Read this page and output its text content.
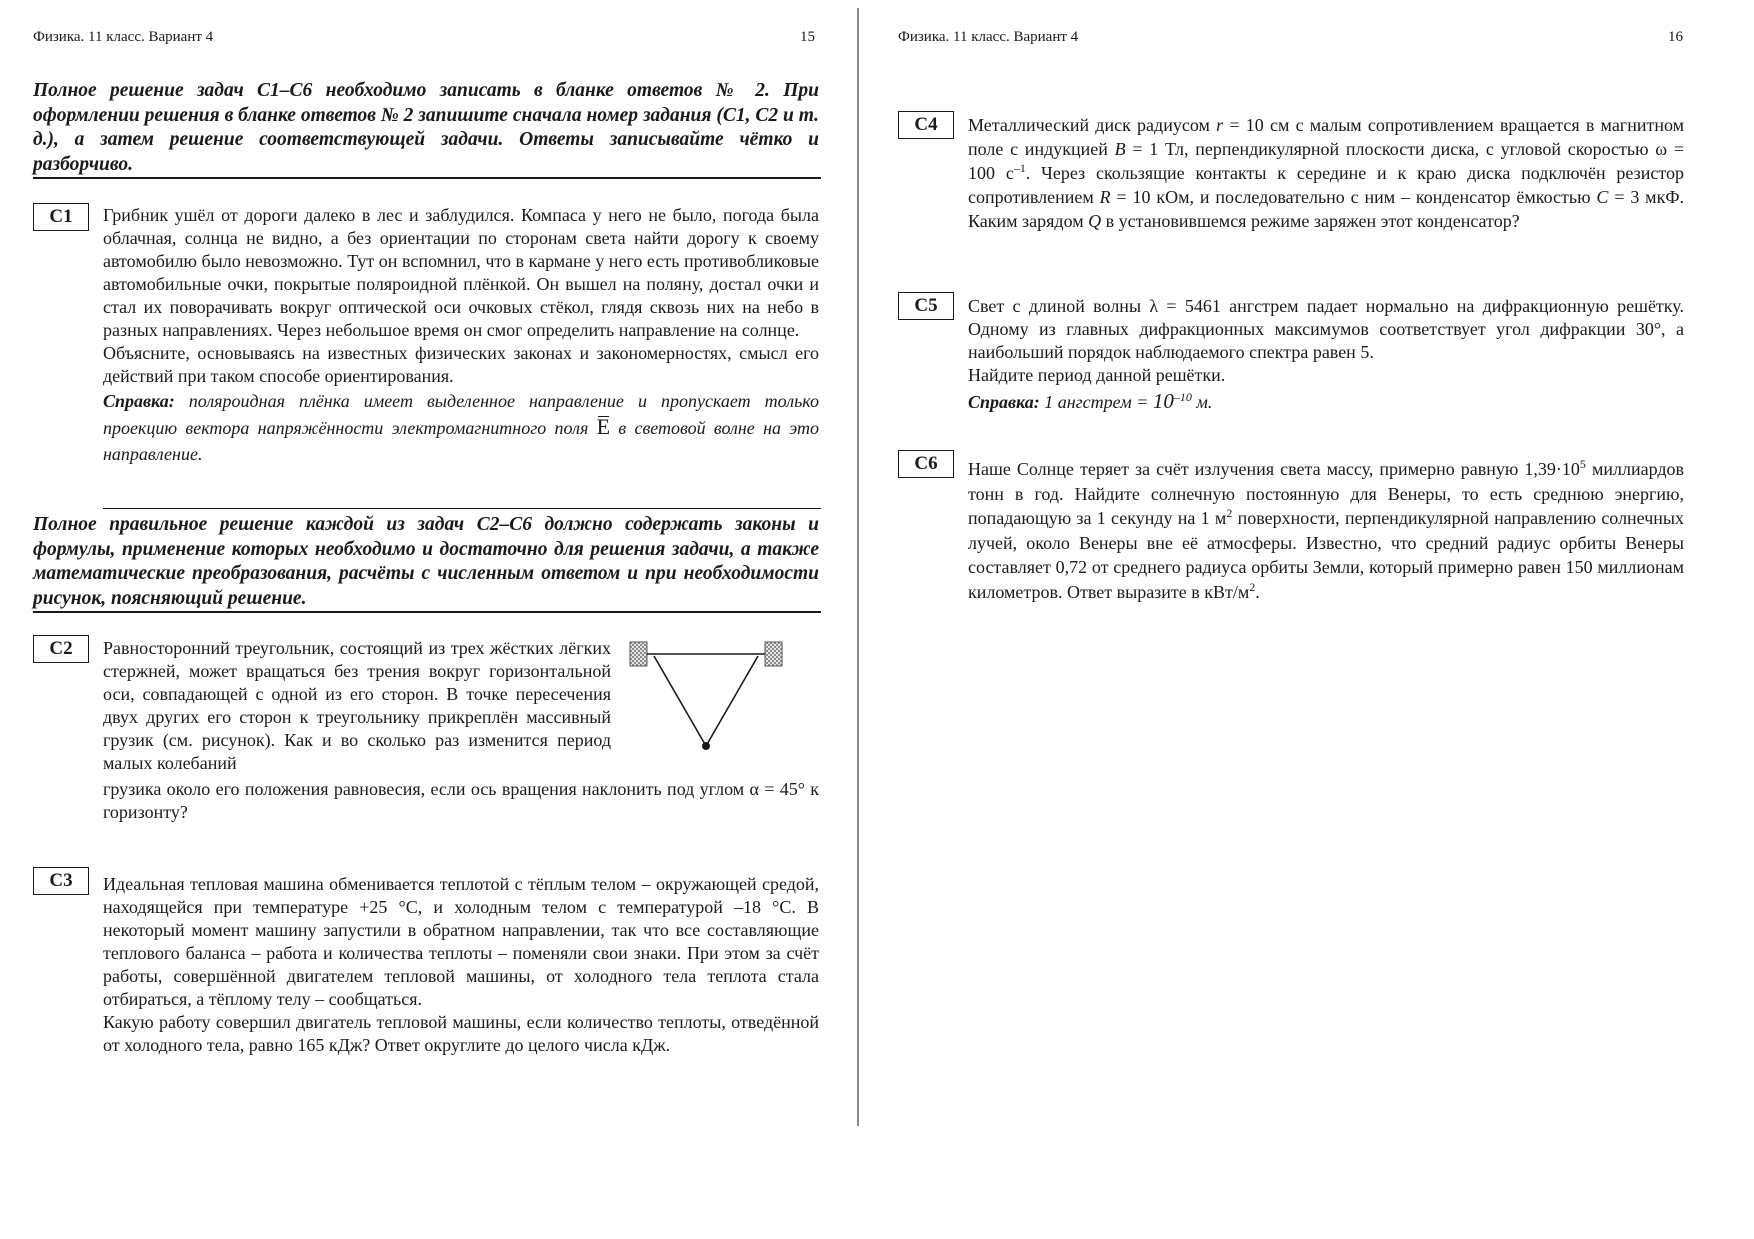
Физика. 11 класс. Вариант 4	15
Полное решение задач С1–С6 необходимо записать в бланке ответов № 2. При оформлении решения в бланке ответов № 2 запишите сначала номер задания (С1, С2 и т. д.), а затем решение соответствующей задачи. Ответы записывайте чётко и разборчиво.
С1	Грибник ушёл от дороги далеко в лес и заблудился. Компаса у него не было, погода была облачная, солнца не видно, а без ориентации по сторонам света найти дорогу к своему автомобилю было невозможно. Тут он вспомнил, что в кармане у него есть противобликовые автомобильные очки, покрытые поляроидной плёнкой. Он вышел на поляну, достал очки и стал их поворачивать вокруг оптической оси очковых стёкол, глядя сквозь них на небо в разных направлениях. Через небольшое время он смог определить направление на солнце.

Объясните, основываясь на известных физических законах и закономерностях, смысл его действий при таком способе ориентирования.

Справка: поляроидная плёнка имеет выделенное направление и пропускает только проекцию вектора напряжённости электромагнитного поля E в световой волне на это направление.

Полное правильное решение каждой из задач С2–С6 должно содержать законы и формулы, применение которых необходимо и достаточно для решения задачи, а также математические преобразования, расчёты с численным ответом и при необходимости рисунок, поясняющий решение.
С2	Равносторонний треугольник, состоящий из трех жёстких лёгких стержней, может вращаться без трения вокруг горизонтальной оси, совпадающей с одной из его сторон. В точке пересечения двух других его сторон к треугольнику прикреплён массивный грузик (см. рисунок). Как и во сколько раз изменится период малых колебаний
грузика около его положения равновесия, если ось вращения наклонить под углом α = 45° к горизонту?
С3	Идеальная тепловая машина обменивается теплотой с тёплым телом – окружающей средой, находящейся при температуре +25 °С, и холодным телом с температурой –18 °С. В некоторый момент машину запустили в обратном направлении, так что все составляющие теплового баланса – работа и количества теплоты – поменяли свои знаки. При этом за счёт работы, совершённой двигателем тепловой машины, от холодного тела теплота стала отбираться, а тёплому телу – сообщаться.

Какую работу совершил двигатель тепловой машины, если количество теплоты, отведённой от холодного тела, равно 165 кДж? Ответ округлите до целого числа кДж.

Физика. 11 класс. Вариант 4	16
С4	Металлический диск радиусом r = 10 см с малым сопротивлением вращается в магнитном поле с индукцией B = 1 Тл, перпендикулярной плоскости диска, с угловой скоростью ω = 100 $с^{-1}$. Через скользящие контакты к середине и к краю диска подключён резистор сопротивлением R = 10 кОм, и последовательно с ним – конденсатор ёмкостью C = 3 мкФ. Каким зарядом Q в установившемся режиме заряжен этот конденсатор?
С5	Свет с длиной волны λ = 5461 ангстрем падает нормально на дифракционную решётку. Одному из главных дифракционных максимумов соответствует угол дифракции 30°, а наибольший порядок наблюдаемого спектра равен 5.

Найдите период данной решётки.

Справка: 1 ангстрем = 10$^{-10}$ м.

С6	Наше Солнце теряет за счёт излучения света массу, примерно равную $1,39\cdot 10^5$ миллиардов тонн в год. Найдите солнечную постоянную для Венеры, то есть среднюю энергию, попадающую за 1 секунду на 1 $м^2$ поверхности, перпендикулярной направлению солнечных лучей, около Венеры вне её атмосферы. Известно, что средний радиус орбиты Венеры составляет 0,72 от среднего радиуса орбиты Земли, который примерно равен 150 миллионам километров. Ответ выразите в кВт/$м^2$.
